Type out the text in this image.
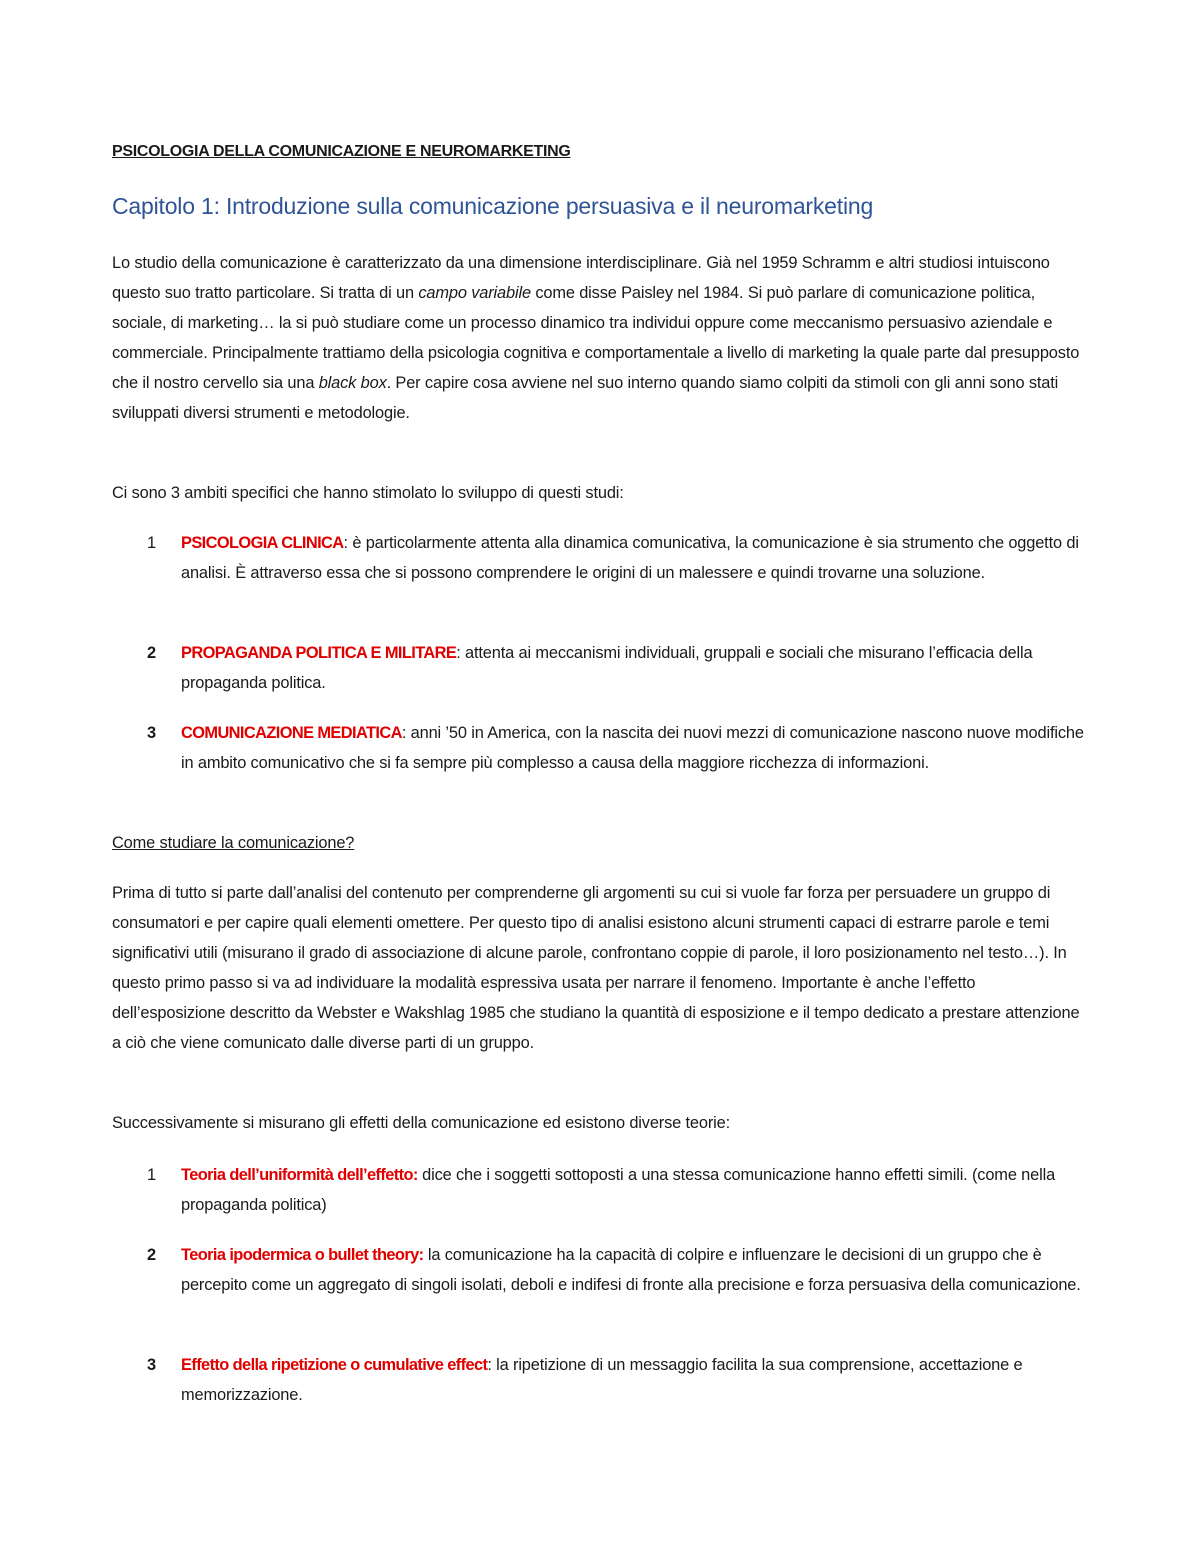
PSICOLOGIA DELLA COMUNICAZIONE E NEUROMARKETING
Capitolo 1: Introduzione sulla comunicazione persuasiva e il neuromarketing

Lo studio della comunicazione è caratterizzato da una dimensione interdisciplinare. Già nel 1959 Schramm e altri studiosi intuiscono questo suo tratto particolare. Si tratta di un campo variabile come disse Paisley nel 1984. Si può parlare di comunicazione politica, sociale, di marketing… la si può studiare come un processo dinamico tra individui oppure come meccanismo persuasivo aziendale e commerciale. Principalmente trattiamo della psicologia cognitiva e comportamentale a livello di marketing la quale parte dal presupposto che il nostro cervello sia una black box. Per capire cosa avviene nel suo interno quando siamo colpiti da stimoli con gli anni sono stati sviluppati diversi strumenti e metodologie.

Ci sono 3 ambiti specifici che hanno stimolato lo sviluppo di questi studi:

1 PSICOLOGIA CLINICA: è particolarmente attenta alla dinamica comunicativa, la comunicazione è sia strumento che oggetto di analisi. È attraverso essa che si possono comprendere le origini di un malessere e quindi trovarne una soluzione.
2 PROPAGANDA POLITICA E MILITARE: attenta ai meccanismi individuali, gruppali e sociali che misurano l’efficacia della propaganda politica.
3 COMUNICAZIONE MEDIATICA: anni ’50 in America, con la nascita dei nuovi mezzi di comunicazione nascono nuove modifiche in ambito comunicativo che si fa sempre più complesso a causa della maggiore ricchezza di informazioni.

Come studiare la comunicazione?

Prima di tutto si parte dall’analisi del contenuto per comprenderne gli argomenti su cui si vuole far forza per persuadere un gruppo di consumatori e per capire quali elementi omettere. Per questo tipo di analisi esistono alcuni strumenti capaci di estrarre parole e temi significativi utili (misurano il grado di associazione di alcune parole, confrontano coppie di parole, il loro posizionamento nel testo…). In questo primo passo si va ad individuare la modalità espressiva usata per narrare il fenomeno. Importante è anche l’effetto dell’esposizione descritto da Webster e Wakshlag 1985 che studiano la quantità di esposizione e il tempo dedicato a prestare attenzione a ciò che viene comunicato dalle diverse parti di un gruppo.

Successivamente si misurano gli effetti della comunicazione ed esistono diverse teorie:

1 Teoria dell’uniformità dell’effetto: dice che i soggetti sottoposti a una stessa comunicazione hanno effetti simili. (come nella propaganda politica)
2 Teoria ipodermica o bullet theory: la comunicazione ha la capacità di colpire e influenzare le decisioni di un gruppo che è percepito come un aggregato di singoli isolati, deboli e indifesi di fronte alla precisione e forza persuasiva della comunicazione.
3 Effetto della ripetizione o cumulative effect: la ripetizione di un messaggio facilita la sua comprensione, accettazione e memorizzazione.
